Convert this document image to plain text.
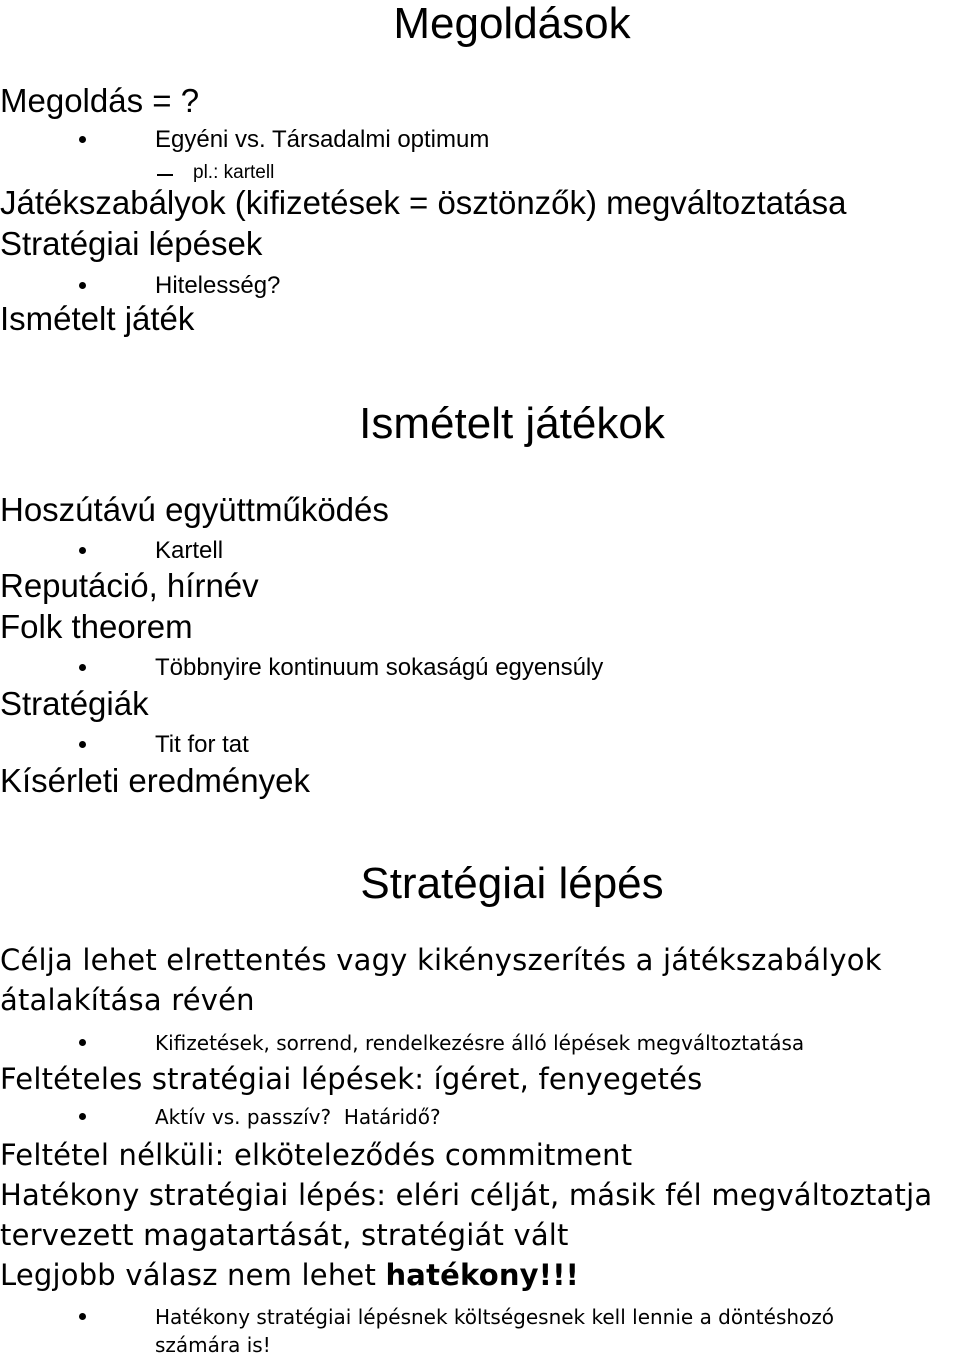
Megoldások
Megoldás = ?
Egyéni vs. Társadalmi optimum
pl.: kartell
Játékszabályok (kifizetések = ösztönzők) megváltoztatása
Stratégiai lépések
Hitelesség?
Ismételt játék
Ismételt játékok
Hoszútávú együttműködés
Kartell
Reputáció, hírnév
Folk theorem
Többnyire kontinuum sokaságú egyensúly
Stratégiák
Tit for tat
Kísérleti eredmények
Stratégiai lépés
Célja lehet elrettentés vagy kikényszerítés a játékszabályok
átalakítása révén
Kifizetések, sorrend, rendelkezésre álló lépések megváltoztatása
Feltételes stratégiai lépések: ígéret, fenyegetés
Aktív vs. passzív?  Határidő?
Feltétel nélküli: elköteleződés commitment
Hatékony stratégiai lépés: eléri célját, másik fél megváltoztatja
tervezett magatartását, stratégiát vált
Legjobb válasz nem lehet hatékony!!!
Hatékony stratégiai lépésnek költségesnek kell lennie a döntéshozó
számára is!
